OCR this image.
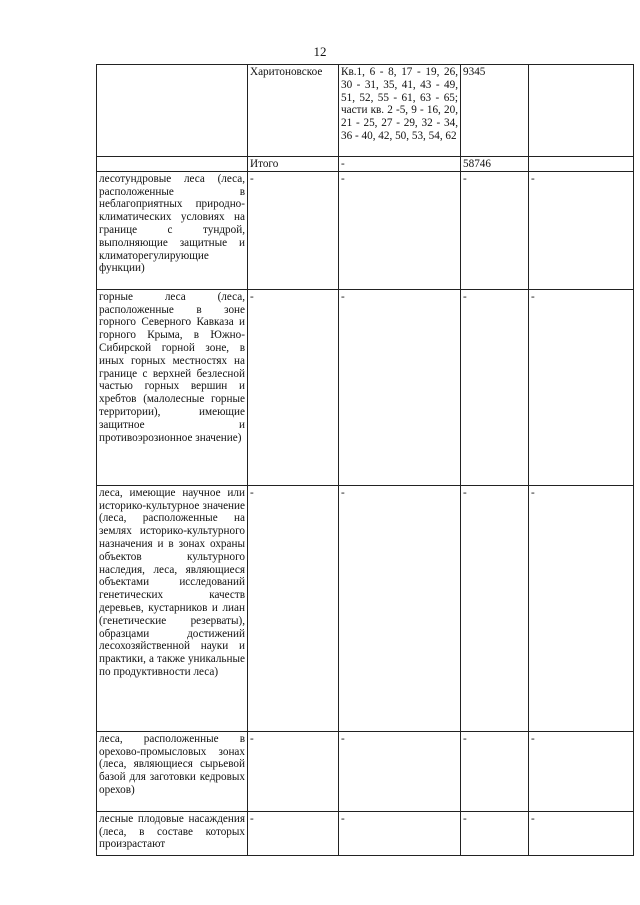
12
	Харитоновское	Кв.1, 6 - 8, 17 - 19, 26, 30 - 31, 35, 41, 43 - 49, 51, 52, 55 - 61, 63 - 65; части кв. 2 -5, 9 - 16, 20, 21 - 25, 27 - 29, 32 - 34, 36 - 40, 42, 50, 53, 54, 62	9345	
	Итого	-	58746	
лесотундровые леса (леса, расположенные в неблагоприятных природно-климатических условиях на границе с тундрой, выполняющие защитные и климаторегулирующие функции)	-	-	-	-
горные леса (леса, расположенные в зоне горного Северного Кавказа и горного Крыма, в Южно-Сибирской горной зоне, в иных горных местностях на границе с верхней безлесной частью горных вершин и хребтов (малолесные горные территории), имеющие защитное и противоэрозионное значение)	-	-	-	-
леса, имеющие научное или историко-культурное значение (леса, расположенные на землях историко-культурного назначения и в зонах охраны объектов культурного наследия, леса, являющиеся объектами исследований генетических качеств деревьев, кустарников и лиан (генетические резерваты), образцами достижений лесохозяйственной науки и практики, а также уникальные по продуктивности леса)	-	-	-	-
леса, расположенные в орехово-промысловых зонах (леса, являющиеся сырьевой базой для заготовки кедровых орехов)	-	-	-	-
лесные плодовые насаждения (леса, в составе которых произрастают	-	-	-	-
